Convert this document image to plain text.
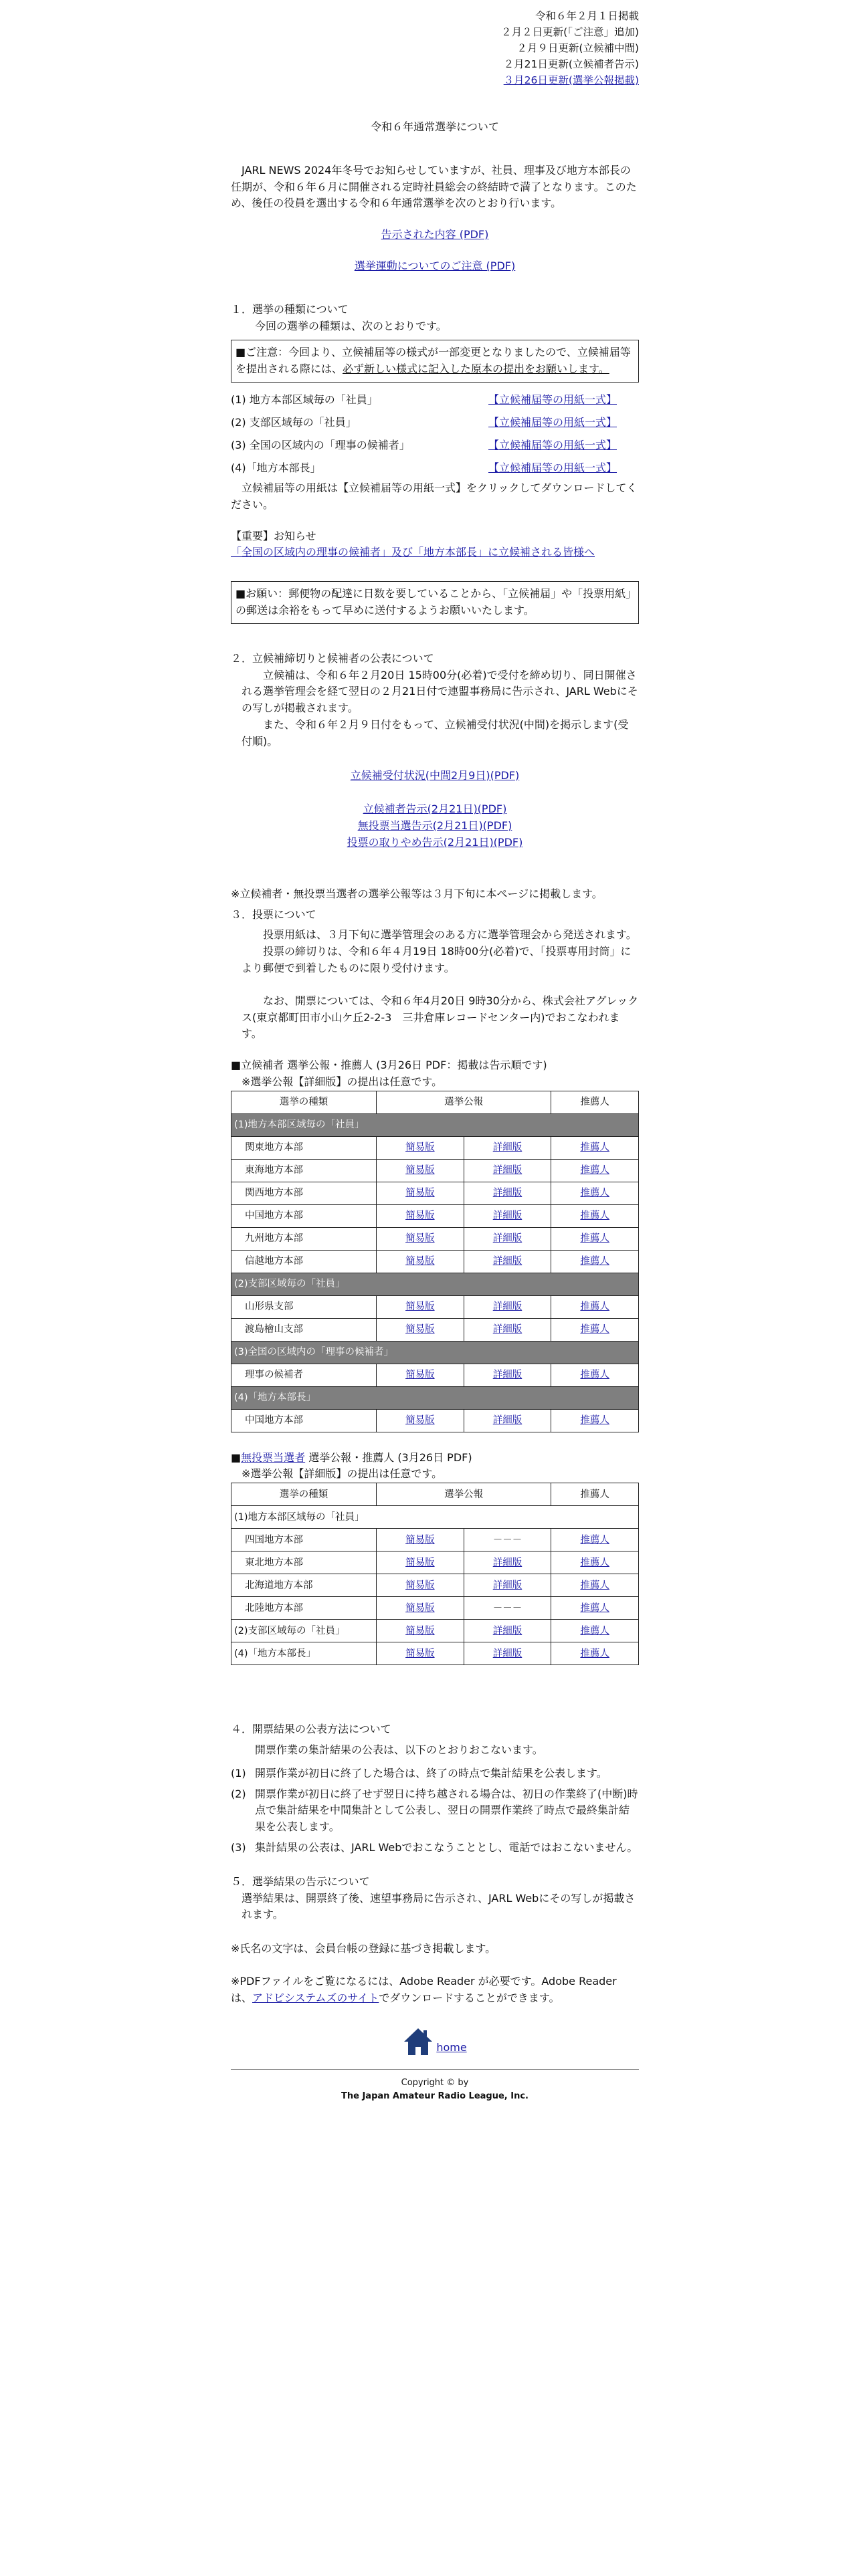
令和６年２月１日掲載
２月２日更新(「ご注意」追加)
２月９日更新(立候補中間)
２月21日更新(立候補者告示)
３月26日更新(選挙公報掲載)
令和６年通常選挙について

JARL NEWS 2024年冬号でお知らせしていますが、社員、理事及び地方本部長の任期が、令和６年６月に開催される定時社員総会の終結時で満了となります。このため、後任の役員を選出する令和６年通常選挙を次のとおり行います。

告示された内容 (PDF)
選挙運動についてのご注意 (PDF)
１．選挙の種類について
今回の選挙の種類は、次のとおりです。
■ご注意：今回より、立候補届等の様式が一部変更となりましたので、立候補届等を提出される際には、必ず新しい様式に記入した原本の提出をお願いします。
(1) 地方本部区域毎の「社員」	【立候補届等の用紙一式】
(2) 支部区域毎の「社員」	【立候補届等の用紙一式】
(3) 全国の区域内の「理事の候補者」	【立候補届等の用紙一式】
(4)「地方本部長」	【立候補届等の用紙一式】

立候補届等の用紙は【立候補届等の用紙一式】をクリックしてダウンロードしてください。

【重要】お知らせ
「全国の区域内の理事の候補者」及び「地方本部長」に立候補される皆様へ
■お願い：郵便物の配達に日数を要していることから、「立候補届」や「投票用紙」の郵送は余裕をもって早めに送付するようお願いいたします。
２．立候補締切りと候補者の公表について
立候補は、令和６年２月20日 15時00分(必着)で受付を締め切り、同日開催される選挙管理会を経て翌日の２月21日付で連盟事務局に告示され、JARL Webにその写しが掲載されます。
また、令和６年２月９日付をもって、立候補受付状況(中間)を掲示します(受付順)。
立候補受付状況(中間2月9日)(PDF)
立候補者告示(2月21日)(PDF)
無投票当選告示(2月21日)(PDF)
投票の取りやめ告示(2月21日)(PDF)
※立候補者・無投票当選者の選挙公報等は３月下旬に本ページに掲載します。
３．投票について
投票用紙は、３月下旬に選挙管理会のある方に選挙管理会から発送されます。
投票の締切りは、令和６年４月19日 18時00分(必着)で、「投票専用封筒」により郵便で到着したものに限り受付けます。
なお、開票については、令和６年4月20日 9時30分から、株式会社アグレックス(東京都町田市小山ケ丘2-2-3　三井倉庫レコードセンター内)でおこなわれます。
■立候補者 選挙公報・推薦人 (3月26日 PDF：掲載は告示順です)
※選挙公報【詳細版】の提出は任意です。
選挙の種類	選挙公報		推薦人
(1)地方本部区域毎の「社員」			
関東地方本部	簡易版	詳細版	推薦人
東海地方本部	簡易版	詳細版	推薦人
関西地方本部	簡易版	詳細版	推薦人
中国地方本部	簡易版	詳細版	推薦人
九州地方本部	簡易版	詳細版	推薦人
信越地方本部	簡易版	詳細版	推薦人
(2)支部区域毎の「社員」			
山形県支部	簡易版	詳細版	推薦人
渡島檜山支部	簡易版	詳細版	推薦人
(3)全国の区域内の「理事の候補者」			
理事の候補者	簡易版	詳細版	推薦人
(4)「地方本部長」			
中国地方本部	簡易版	詳細版	推薦人
■無投票当選者 選挙公報・推薦人 (3月26日 PDF)
※選挙公報【詳細版】の提出は任意です。
選挙の種類	選挙公報		推薦人
(1)地方本部区域毎の「社員」			
四国地方本部	簡易版	－－－	推薦人
東北地方本部	簡易版	詳細版	推薦人
北海道地方本部	簡易版	詳細版	推薦人
北陸地方本部	簡易版	－－－	推薦人
(2)支部区域毎の「社員」	簡易版	詳細版	推薦人
(4)「地方本部長」	簡易版	詳細版	推薦人
４．開票結果の公表方法について
開票作業の集計結果の公表は、以下のとおりおこないます。
(1) 開票作業が初日に終了した場合は、終了の時点で集計結果を公表します。
(2) 開票作業が初日に終了せず翌日に持ち越される場合は、初日の作業終了(中断)時点で集計結果を中間集計として公表し、翌日の開票作業終了時点で最終集計結果を公表します。
(3) 集計結果の公表は、JARL Webでおこなうこととし、電話ではおこないません。
５．選挙結果の告示について
選挙結果は、開票終了後、速望事務局に告示され、JARL Webにその写しが掲載されます。
※氏名の文字は、会員台帳の登録に基づき掲載します。
※PDFファイルをご覧になるには、Adobe Reader が必要です。Adobe Reader は、アドビシステムズのサイトでダウンロードすることができます。
home
Copyright © by
The Japan Amateur Radio League, Inc.
